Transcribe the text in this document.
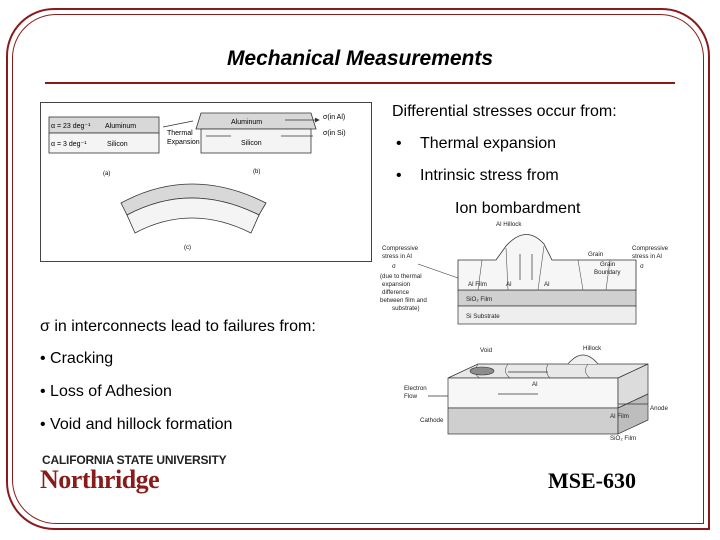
Mechanical Measurements
α = 23 deg⁻¹ Aluminum
α = 3 deg⁻¹	Silicon
Thermal
Expansion
Aluminum
Silicon
σ(in Al)
σ(in Si)
(a)	(b)
(c)
Differential stresses occur from:
• Thermal expansion
• Intrinsic stress from
Ion bombardment
Al Hillock
Compressive
stress in Al
σ
(due to thermal
expansion
difference
between film and
substrate)
Grain
Grain
Boundary
Compressive
stress in Al
σ
Al Film	Al	Al
SiO₂ Film
Si Substrate
Void	Hillock
Electron
Flow
Cathode
Anode
Al Film
SiO₂ Film
Al
σ in interconnects lead to failures from:
• Cracking
• Loss of Adhesion
• Void and hillock formation
CALIFORNIA STATE UNIVERSITY
Northridge	MSE-630
